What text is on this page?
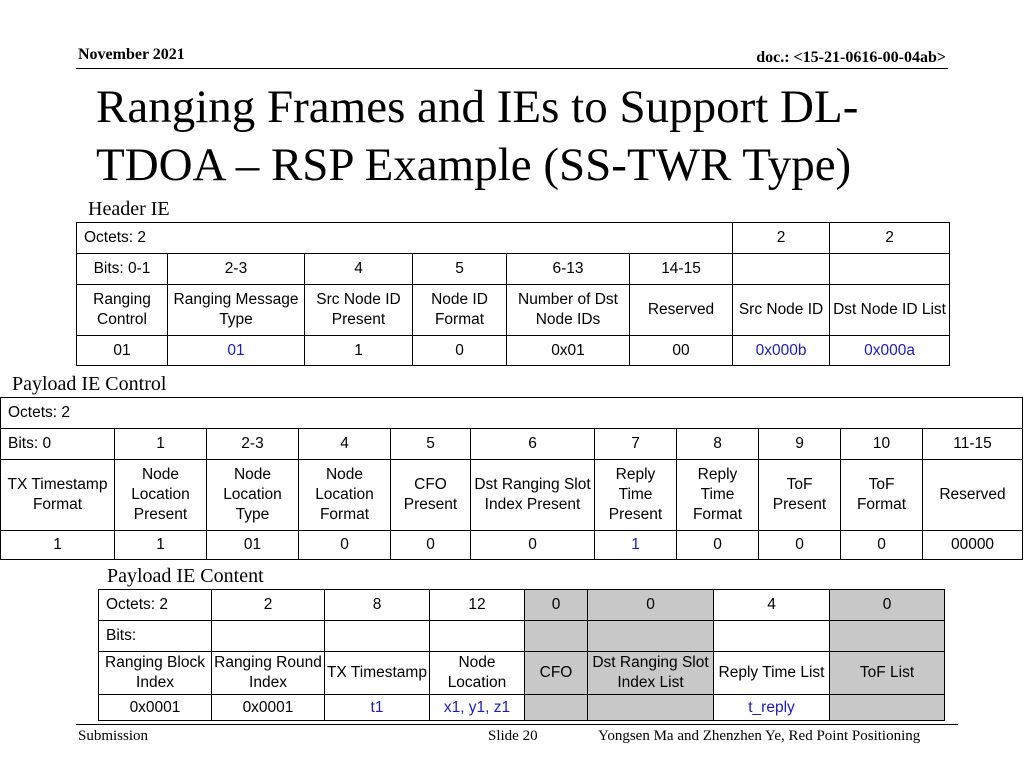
November 2021	doc.: <15-21-0616-00-04ab>
Ranging Frames and IEs to Support DL-
TDOA – RSP Example (SS-TWR Type)
Header IE
Octets: 2						2	2
Bits: 0-1	2-3	4	5	6-13	14-15		
Ranging Control	Ranging Message Type	Src Node ID Present	Node ID Format	Number of Dst Node IDs	Reserved	Src Node ID	Dst Node ID List
01	01	1	0	0x01	00	0x000b	0x000a
Payload IE Control
Octets: 2										
Bits: 0	1	2-3	4	5	6	7	8	9	10	11-15
TX Timestamp Format	Node Location Present	Node Location Type	Node Location Format	CFO Present	Dst Ranging Slot Index Present	Reply Time Present	Reply Time Format	ToF Present	ToF Format	Reserved
1	1	01	0	0	0	1	0	0	0	00000
Payload IE Content
Octets: 2	2	8	12	0	0	4	0
Bits:							
Ranging Block Index	Ranging Round Index	TX Timestamp	Node Location	CFO	Dst Ranging Slot Index List	Reply Time List	ToF List
0x0001	0x0001	t1	x1, y1, z1			t_reply	
Submission	Slide 20	Yongsen Ma and Zhenzhen Ye, Red Point Positioning
